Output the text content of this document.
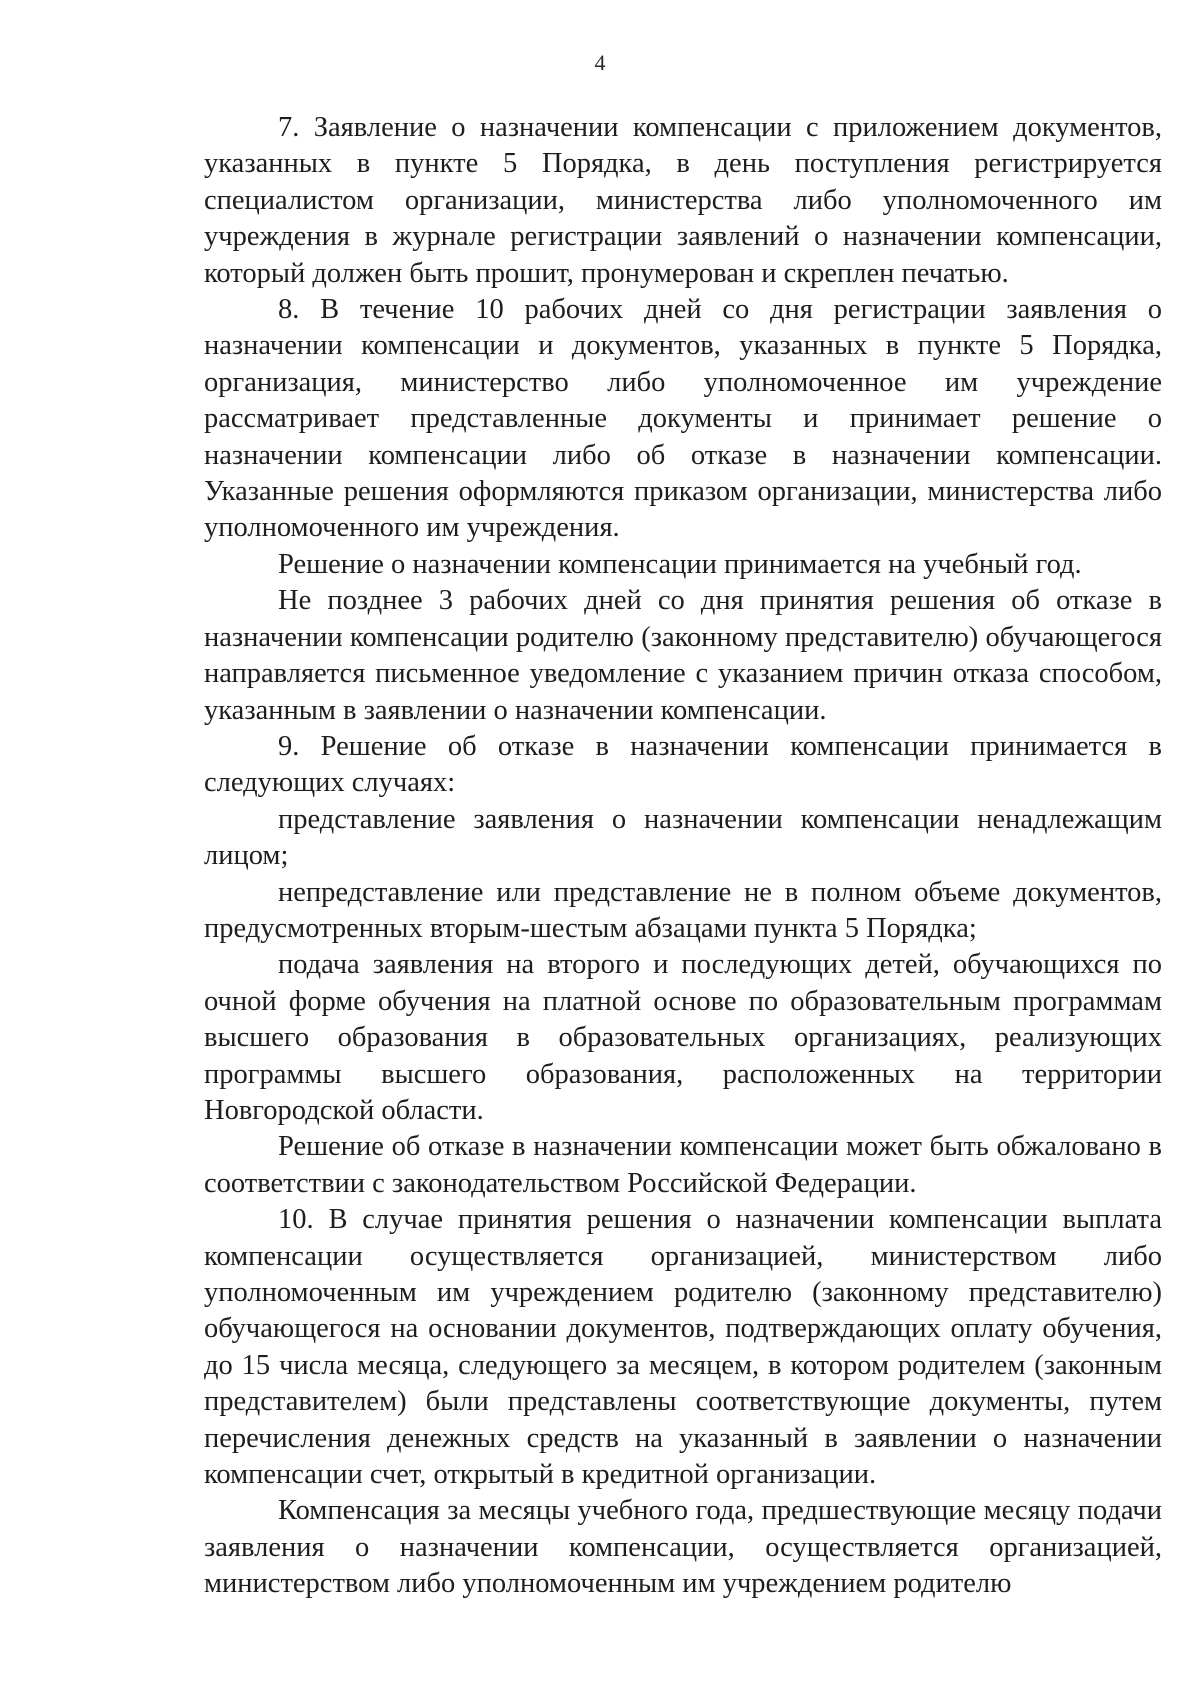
4

7. Заявление о назначении компенсации с приложением документов, указанных в пункте 5 Порядка, в день поступления регистрируется специалистом организации, министерства либо уполномоченного им учреждения в журнале регистрации заявлений о назначении компенсации, который должен быть прошит, пронумерован и скреплен печатью.

8. В течение 10 рабочих дней со дня регистрации заявления о назначении компенсации и документов, указанных в пункте 5 Порядка, организация, министерство либо уполномоченное им учреждение рассматривает представленные документы и принимает решение о назначении компенсации либо об отказе в назначении компенсации. Указанные решения оформляются приказом организации, министерства либо уполномоченного им учреждения.

Решение о назначении компенсации принимается на учебный год.

Не позднее 3 рабочих дней со дня принятия решения об отказе в назначении компенсации родителю (законному представителю) обучающегося направляется письменное уведомление с указанием причин отказа способом, указанным в заявлении о назначении компенсации.

9. Решение об отказе в назначении компенсации принимается в следующих случаях:

представление заявления о назначении компенсации ненадлежащим лицом;

непредставление или представление не в полном объеме документов, предусмотренных вторым-шестым абзацами пункта 5 Порядка;

подача заявления на второго и последующих детей, обучающихся по очной форме обучения на платной основе по образовательным программам высшего образования в образовательных организациях, реализующих программы высшего образования, расположенных на территории Новгородской области.

Решение об отказе в назначении компенсации может быть обжаловано в соответствии с законодательством Российской Федерации.

10. В случае принятия решения о назначении компенсации выплата компенсации осуществляется организацией, министерством либо уполномоченным им учреждением родителю (законному представителю) обучающегося на основании документов, подтверждающих оплату обучения, до 15 числа месяца, следующего за месяцем, в котором родителем (законным представителем) были представлены соответствующие документы, путем перечисления денежных средств на указанный в заявлении о назначении компенсации счет, открытый в кредитной организации.

Компенсация за месяцы учебного года, предшествующие месяцу подачи заявления о назначении компенсации, осуществляется организацией, министерством либо уполномоченным им учреждением родителю
